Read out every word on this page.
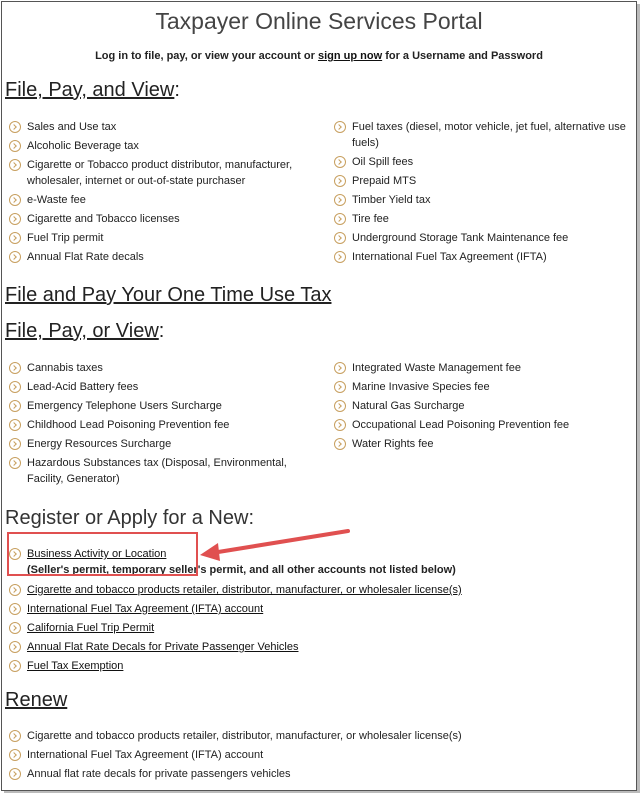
Taxpayer Online Services Portal
Log in to file, pay, or view your account or sign up now for a Username and Password
File, Pay, and View:
Sales and Use tax
Alcoholic Beverage tax
Cigarette or Tobacco product distributor, manufacturer, wholesaler, internet or out-of-state purchaser
e-Waste fee
Cigarette and Tobacco licenses
Fuel Trip permit
Annual Flat Rate decals
Fuel taxes (diesel, motor vehicle, jet fuel, alternative use fuels)
Oil Spill fees
Prepaid MTS
Timber Yield tax
Tire fee
Underground Storage Tank Maintenance fee
International Fuel Tax Agreement (IFTA)
File and Pay Your One Time Use Tax
File, Pay, or View:
Cannabis taxes
Lead-Acid Battery fees
Emergency Telephone Users Surcharge
Childhood Lead Poisoning Prevention fee
Energy Resources Surcharge
Hazardous Substances tax (Disposal, Environmental, Facility, Generator)
Integrated Waste Management fee
Marine Invasive Species fee
Natural Gas Surcharge
Occupational Lead Poisoning Prevention fee
Water Rights fee
Register or Apply for a New:
Business Activity or Location
(Seller's permit, temporary seller's permit, and all other accounts not listed below)
Cigarette and tobacco products retailer, distributor, manufacturer, or wholesaler license(s)
International Fuel Tax Agreement (IFTA) account
California Fuel Trip Permit
Annual Flat Rate Decals for Private Passenger Vehicles
Fuel Tax Exemption
Renew
Cigarette and tobacco products retailer, distributor, manufacturer, or wholesaler license(s)
International Fuel Tax Agreement (IFTA) account
Annual flat rate decals for private passengers vehicles
